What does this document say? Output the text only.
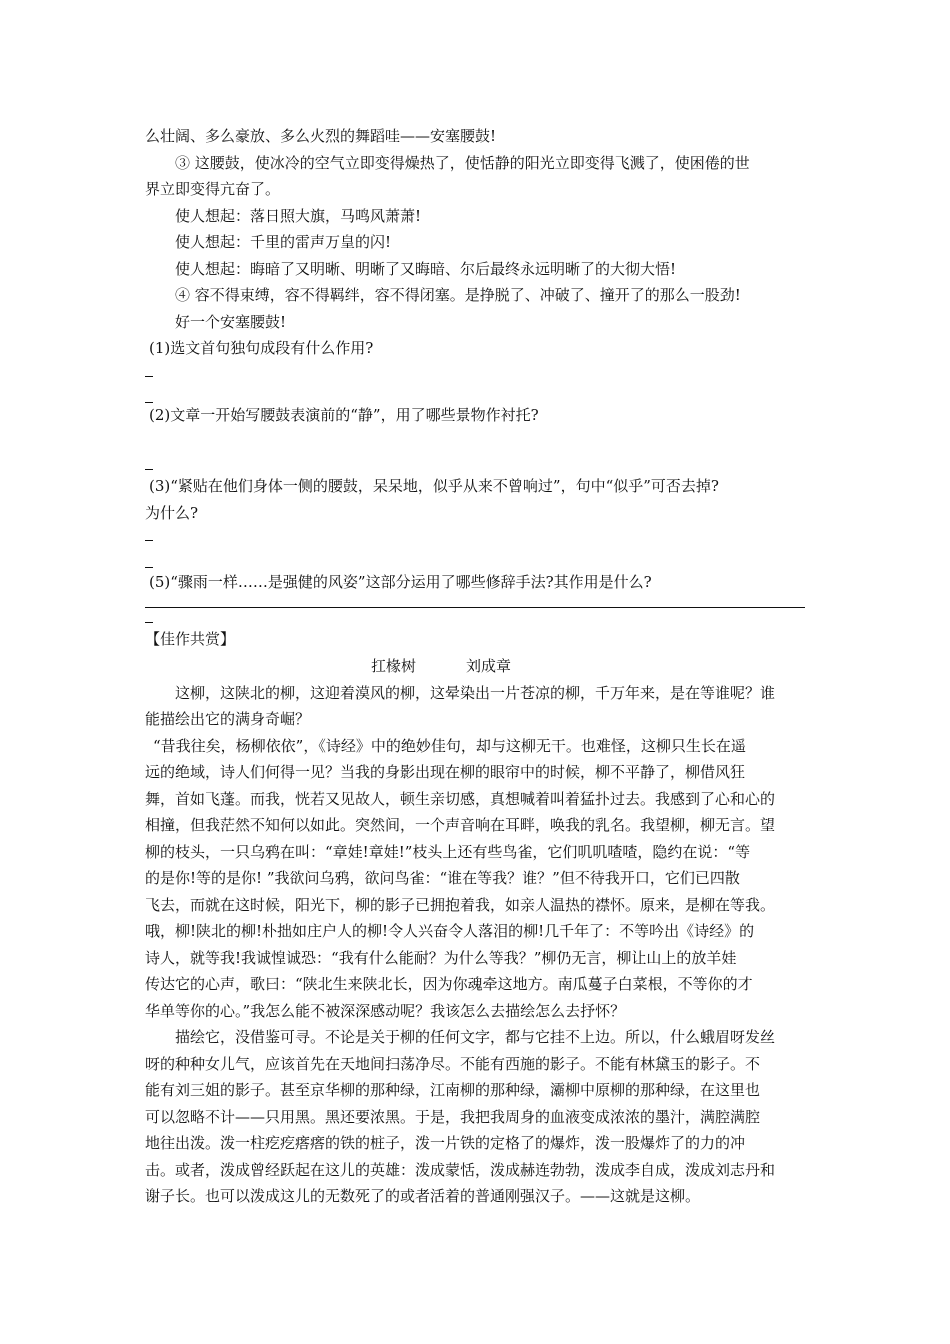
么壮阔、多么豪放、多么火烈的舞蹈哇——安塞腰鼓!
③ 这腰鼓，使冰冷的空气立即变得燥热了，使恬静的阳光立即变得飞溅了，使困倦的世
界立即变得亢奋了。
使人想起：落日照大旗，马鸣风萧萧!
使人想起：千里的雷声万皇的闪!
使人想起：晦暗了又明晰、明晰了又晦暗、尔后最终永远明晰了的大彻大悟!
④ 容不得束缚，容不得羁绊，容不得闭塞。是挣脱了、冲破了、撞开了的那么一股劲!
好一个安塞腰鼓!
(1)选文首句独句成段有什么作用?
(2)文章一开始写腰鼓表演前的“静”，用了哪些景物作衬托?
(3)“紧贴在他们身体一侧的腰鼓，呆呆地，似乎从来不曾响过”，句中“似乎”可否去掉?
为什么?
(5)“骤雨一样……是强健的风姿”这部分运用了哪些修辞手法?其作用是什么?
【佳作共赏】
扛椽树	刘成章
这柳，这陕北的柳，这迎着漠风的柳，这晕染出一片苍凉的柳，千万年来，是在等谁呢？谁
能描绘出它的满身奇崛？
“昔我往矣，杨柳依依”，《诗经》中的绝妙佳句，却与这柳无干。也难怪，这柳只生长在遥
远的绝域，诗人们何得一见？当我的身影出现在柳的眼帘中的时候，柳不平静了，柳借风狂
舞，首如飞蓬。而我，恍若又见故人，顿生亲切感，真想喊着叫着猛扑过去。我感到了心和心的
相撞，但我茫然不知何以如此。突然间，一个声音响在耳畔，唤我的乳名。我望柳，柳无言。望
柳的枝头，一只乌鸦在叫：“章娃!章娃!”枝头上还有些鸟雀，它们叽叽喳喳，隐约在说：“等
的是你!等的是你! ”我欲问乌鸦，欲问鸟雀：“谁在等我？谁？”但不待我开口，它们已四散
飞去，而就在这时候，阳光下，柳的影子已拥抱着我，如亲人温热的襟怀。原来，是柳在等我。
哦，柳!陕北的柳!朴拙如庄户人的柳!令人兴奋令人落泪的柳!几千年了：不等吟出《诗经》的
诗人，就等我!我诚惶诚恐：“我有什么能耐？为什么等我？”柳仍无言，柳让山上的放羊娃
传达它的心声，歌曰：“陕北生来陕北长，因为你魂牵这地方。南瓜蔓子白菜根，不等你的才
华单等你的心。”我怎么能不被深深感动呢？我该怎么去描绘怎么去抒怀？
描绘它，没借鉴可寻。不论是关于柳的任何文字，都与它挂不上边。所以，什么蛾眉呀发丝
呀的种种女儿气，应该首先在天地间扫荡净尽。不能有西施的影子。不能有林黛玉的影子。不
能有刘三姐的影子。甚至京华柳的那种绿，江南柳的那种绿，灞柳中原柳的那种绿，在这里也
可以忽略不计——只用黑。黑还要浓黑。于是，我把我周身的血液变成浓浓的墨汁，满腔满腔
地往出泼。泼一柱疙疙瘩瘩的铁的桩子，泼一片铁的定格了的爆炸，泼一股爆炸了的力的冲
击。或者，泼成曾经跃起在这儿的英雄：泼成蒙恬，泼成赫连勃勃，泼成李自成，泼成刘志丹和
谢子长。也可以泼成这儿的无数死了的或者活着的普通刚强汉子。——这就是这柳。
